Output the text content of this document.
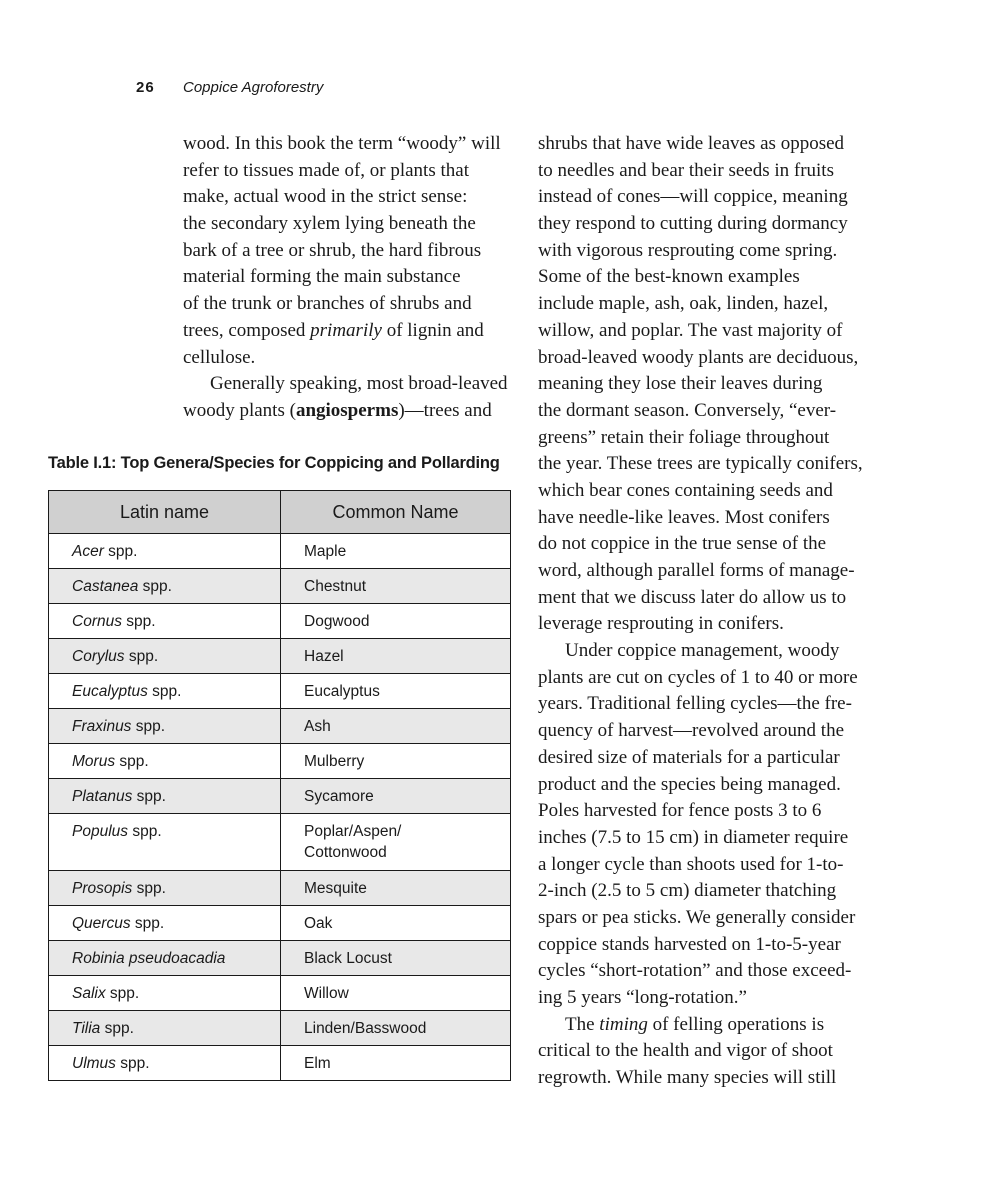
26 Coppice Agroforestry
wood. In this book the term “woody” will
refer to tissues made of, or plants that
make, actual wood in the strict sense:
the secondary xylem lying beneath the
bark of a tree or shrub, the hard fibrous
material forming the main substance
of the trunk or branches of shrubs and
trees, composed primarily of lignin and
cellulose.
Generally speaking, most broad-leaved
woody plants (angiosperms)—trees and
Table I.1: Top Genera/Species for Coppicing and Pollarding
Latin name	Common Name
Acer spp.	Maple
Castanea spp.	Chestnut
Cornus spp.	Dogwood
Corylus spp.	Hazel
Eucalyptus spp.	Eucalyptus
Fraxinus spp.	Ash
Morus spp.	Mulberry
Platanus spp.	Sycamore
Populus spp.	Poplar/Aspen/
Cottonwood
Prosopis spp.	Mesquite
Quercus spp.	Oak
Robinia pseudoacadia	Black Locust
Salix spp.	Willow
Tilia spp.	Linden/Basswood
Ulmus spp.	Elm
shrubs that have wide leaves as opposed
to needles and bear their seeds in fruits
instead of cones—will coppice, meaning
they respond to cutting during dormancy
with vigorous resprouting come spring.
Some of the best-known examples
include maple, ash, oak, linden, hazel,
willow, and poplar. The vast majority of
broad-leaved woody plants are deciduous,
meaning they lose their leaves during
the dormant season. Conversely, “ever-
greens” retain their foliage throughout
the year. These trees are typically conifers,
which bear cones containing seeds and
have needle-like leaves. Most conifers
do not coppice in the true sense of the
word, although parallel forms of manage-
ment that we discuss later do allow us to
leverage resprouting in conifers.
Under coppice management, woody
plants are cut on cycles of 1 to 40 or more
years. Traditional felling cycles—the fre-
quency of harvest—revolved around the
desired size of materials for a particular
product and the species being managed.
Poles harvested for fence posts 3 to 6
inches (7.5 to 15 cm) in diameter require
a longer cycle than shoots used for 1-to-
2-inch (2.5 to 5 cm) diameter thatching
spars or pea sticks. We generally consider
coppice stands harvested on 1-to-5-year
cycles “short-rotation” and those exceed-
ing 5 years “long-rotation.”
The timing of felling operations is
critical to the health and vigor of shoot
regrowth. While many species will still
